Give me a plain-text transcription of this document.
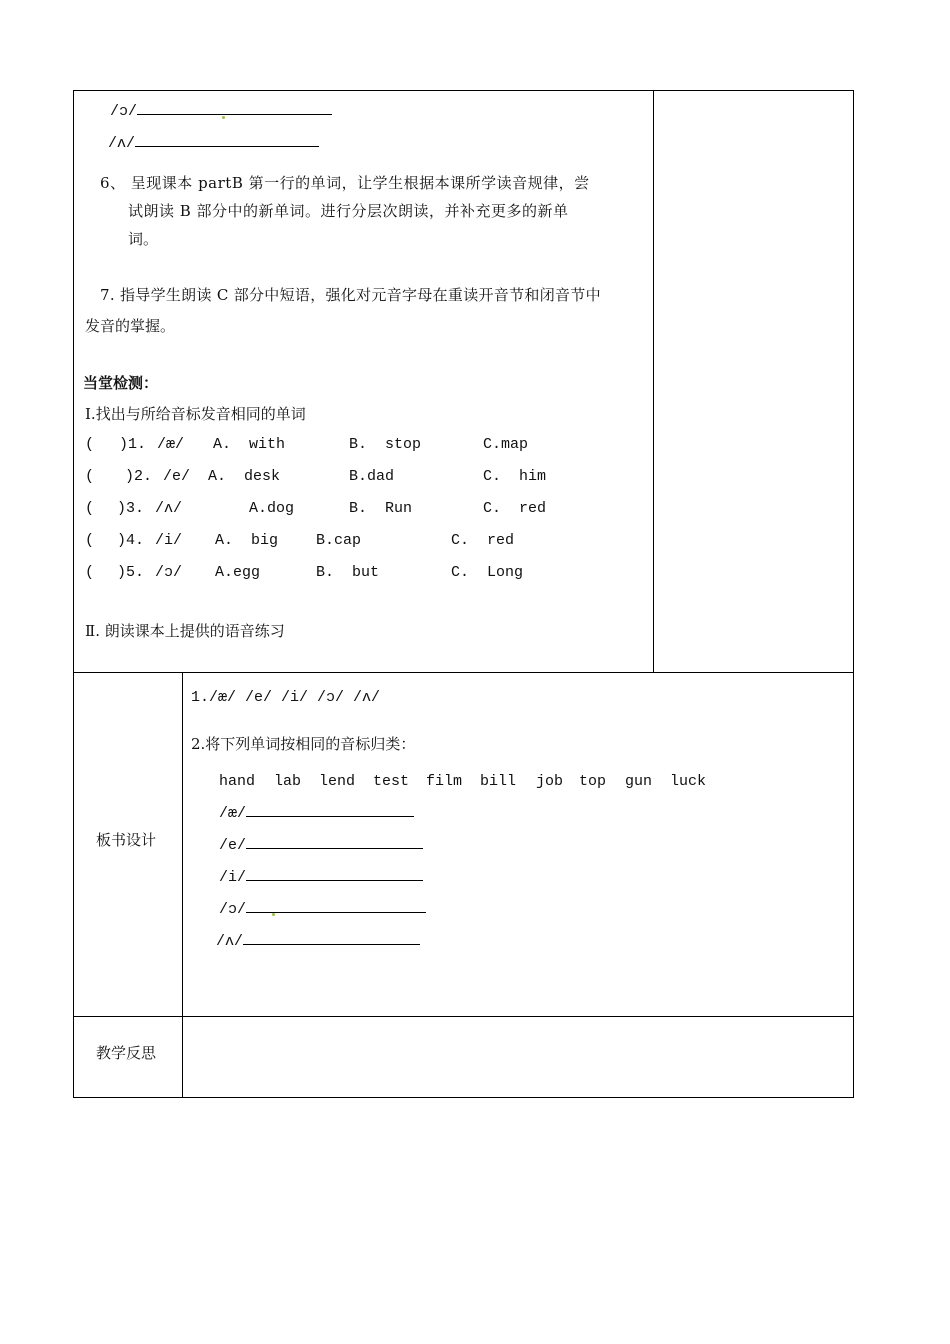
/ɔ/
/ʌ/
6、 呈现课本 partB 第一行的单词，让学生根据本课所学读音规律，尝
试朗读 B 部分中的新单词。进行分层次朗读，并补充更多的新单
词。
7. 指导学生朗读 C 部分中短语，强化对元音字母在重读开音节和闭音节中
发音的掌握。
当堂检测：
Ⅰ.找出与所给音标发音相同的单词
( )1. /æ/ A.  with	B.  stop	C.map
( )2. /e/ A.  desk	B.dad	C.  him
( )3. /ʌ/	A.dog	B.  Run	C.  red
( )4. /i/ A.  big	B.cap	C.  red
( )5. /ɔ/ A.egg	B.  but	C.  Long
Ⅱ. 朗读课本上提供的语音练习
板书设计
1./æ/ /e/ /i/ /ɔ/ /ʌ/
2.将下列单词按相同的音标归类：
hand lab lend test film bill job top gun luck
/æ/
/e/
/i/
/ɔ/
/ʌ/
教学反思
